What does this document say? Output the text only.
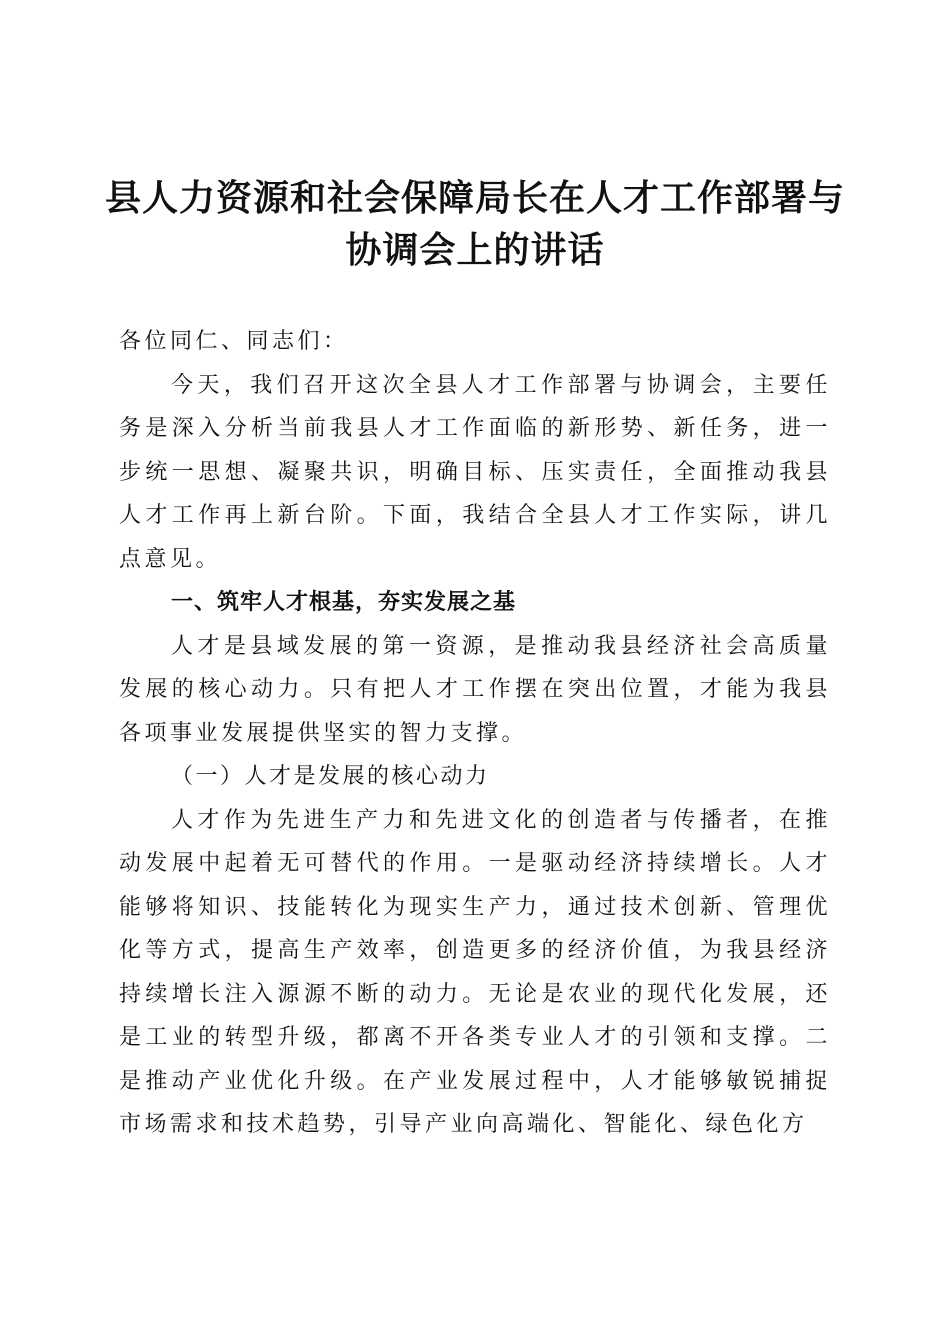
县人力资源和社会保障局长在人才工作部署与协调会上的讲话

各位同仁、同志们：

今天，我们召开这次全县人才工作部署与协调会，主要任务是深入分析当前我县人才工作面临的新形势、新任务，进一步统一思想、凝聚共识，明确目标、压实责任，全面推动我县人才工作再上新台阶。下面，我结合全县人才工作实际，讲几点意见。

一、筑牢人才根基，夯实发展之基

人才是县域发展的第一资源，是推动我县经济社会高质量发展的核心动力。只有把人才工作摆在突出位置，才能为我县各项事业发展提供坚实的智力支撑。

（一）人才是发展的核心动力

人才作为先进生产力和先进文化的创造者与传播者，在推动发展中起着无可替代的作用。一是驱动经济持续增长。人才能够将知识、技能转化为现实生产力，通过技术创新、管理优化等方式，提高生产效率，创造更多的经济价值，为我县经济持续增长注入源源不断的动力。无论是农业的现代化发展，还是工业的转型升级，都离不开各类专业人才的引领和支撑。二是推动产业优化升级。在产业发展过程中，人才能够敏锐捕捉市场需求和技术趋势，引导产业向高端化、智能化、绿色化方
